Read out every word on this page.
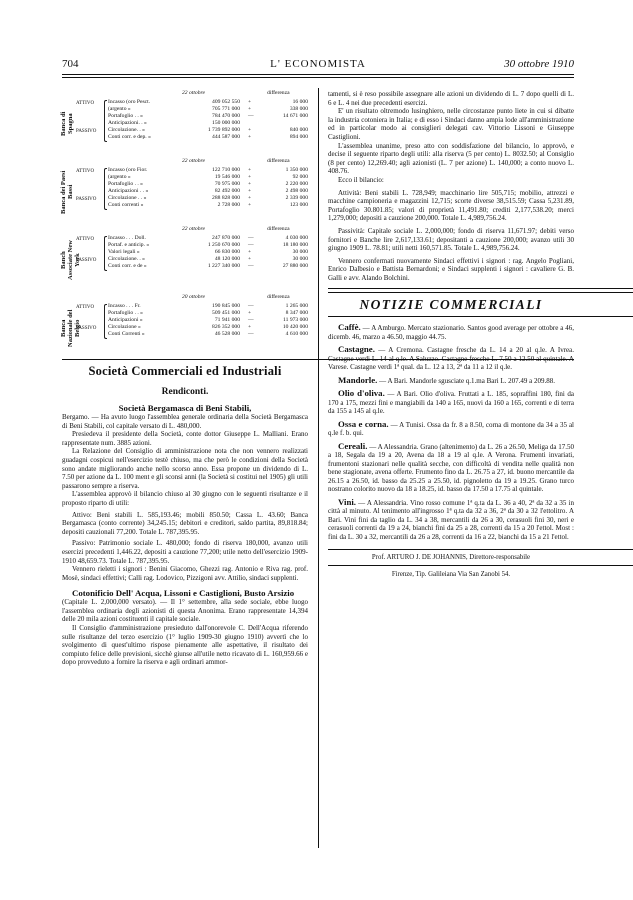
704	L' ECONOMISTA	30 ottobre 1910
22 ottobre	differenza
Banca di Spagna
ATTIVO
PASSIVO
Incasso (oro Pesct.	409 052 550 +	16 000
(argento »	705 771 000 +	338 000
Portafoglio . . »	784 470 000 —	14 671 000
Anticipazioni. . »	150 000 000
Circolazione. . »	1 739 892 000 +	840 000
Conti corr. e dep. »	444 587 000 +	894 000
22 ottobre	differenza
Banca dei Paesi Bassi
ATTIVO
PASSIVO
Incasso (oro Fior.	122 710 000 +	1 350 000
(argento »	19 546 000 +	92 000
Portafoglio . . »	70 975 000 +	2 220 000
Anticipazioni . . »	82 492 000 +	2 498 000
Circolazione . . »	288 828 000 +	2 339 000
Conti correnti »	2 728 000 +	123 000
22 ottobre	differenza
Banch Associate New York
ATTIVO
PASSIVO
Incasso . . . Doll.	247 870 000 —	4 030 000
Portaf. e anticip. »	1 250 670 000 —	18 180 000
Valori legali »	66 830 000 +	30 000
Circolazione. . »	48 120 000 +	30 000
Conti corr. e de »	1 227 340 000 —	27 880 000
20 ottobre	differenza
Banca Nazionale del Belgio
ATTIVO
PASSIVO
Incasso . . . Fr.	190 845 000 —	1 265 000
Portafoglio . . »	509 451 000 +	8 347 000
Anticipazioni »	71 941 000 —	11 973 000
Circolazione »	826 352 000 +	10 420 000
Conti Correnti »	46 528 000 —	4 610 000
Società Commerciali ed Industriali
Rendiconti.

Società Bergamasca di Beni Stabili,

Bergamo. — Ha avuto luogo l'assemblea generale ordinaria della Società Bergamasca di Beni Stabili, col capitale versato di L. 480,000.

Presiedeva il presidente della Società, conte dottor Giuseppe L. Malliani. Erano rappresentate num. 3885 azioni.

La Relazione del Consiglio di amministrazione nota che non vennero realizzati guadagni cospicui nell'esercizio testè chiuso, ma che però le condizioni della Società sono andate migliorando anche nello scorso anno. Essa propone un dividendo di L. 7.50 per azione da L. 100 ment e gli sconsi anni (la Società si costitui nel 1905) gli utili passarono sempre a riserva.

L'assemblea approvò il bilancio chiuso al 30 giugno con le seguenti risultanze e il proposto riparto di utili:

Attivo: Beni stabili L. 585,193.46; mobili 850.50; Cassa L. 43.60; Banca Bergamasca (conto corrente) 34,245.15; debitori e creditori, saldo partita, 89,818.84; depositi cauzionali 77,200. Totale L. 787,395.95.

Passivo: Patrimonio sociale L. 480,000; fondo di riserva 180,000, avanzo utili esercizi precedenti 1,446.22, depositi a cauzione 77,200; utile netto dell'esercizio 1909-1910 48,659.73. Totale L. 787,395.95.

Vennero rieletti i signori : Benini Giacomo, Ghezzi rag. Antonio e Riva rag. prof. Mosè, sindaci effettivi; Calli rag. Lodovico, Pizzigoni avv. Attilio, sindaci supplenti.

Cotonificio Dell' Acqua, Lissoni e Castiglioni, Busto Arsizio

(Capitale L. 2,000,000 versato). — Il 1° settembre, alla sede sociale, ebbe luogo l'assemblea ordinaria degli azionisti di questa Anonima. Erano rappresentate 14,394 delle 20 mila azioni costituenti il capitale sociale.

Il Consiglio d'amministrazione presieduto dall'onorevole C. Dell'Acqua riferendo sulle risultanze del terzo esercizio (1° luglio 1909-30 giugno 1910) avvertì che lo svolgimento di quest'ultimo rispose pienamente alle aspettative, il risultato dei compiuto felice delle previsioni, sicchè giunse all'utile netto ricavato di L. 160,959.66 e dopo provveduto a fornire la riserva e agli ordinari ammor-

tamenti, si è reso possibile assegnare alle azioni un dividendo di L. 7 dopo quelli di L. 6 e L. 4 nei due precedenti esercizi.

E' un risultato oltremodo lusinghiero, nelle circostanze punto liete in cui si dibatte la industria cotoniera in Italia; e di esso i Sindaci danno ampia lode all'amministrazione ed in particolar modo ai consiglieri delegati cav. Vittorio Lissoni e Giuseppe Castiglioni.

L'assemblea unanime, preso atto con soddisfazione del bilancio, lo approvò, e decise il seguente riparto degli utili: alla riserva (5 per cento) L. 8032.50; al Consiglio (8 per cento) 12,269.40; agli azionisti (L. 7 per azione) L. 140,000; a conto nuovo L. 408.76.

Ecco il bilancio:

Attività: Beni stabili L. 728,949; macchinario lire 505,715; mobilio, attrezzi e macchine campioneria e magazzini 12,715; scorte diverse 38,515.59; Cassa 5,231.89, Portafoglio 30.801.85; valori di proprietà 11,491.80; crediti 2,177,538.20; merci 1,279,000; depositi a cauzione 200,000. Totale L. 4,989,756.24.

Passività: Capitale sociale L. 2,000,000; fondo di riserva 11,671.97; debiti verso fornitori e Banche lire 2,617,133.61; depositanti a cauzione 200,000; avanzo utili 30 giugno 1909 L. 78.81; utili netti 160,571.85. Totale L. 4,989,756.24.

Vennero confermati nuovamente Sindaci effettivi i signori : rag. Angelo Pogliani, Enrico Dalbesio e Battista Bernardoni; e Sindaci supplenti i signori : cavaliere G. B. Galli e avv. Alando Bolchini.

NOTIZIE COMMERCIALI

Caffè. — A Amburgo. Mercato stazionario. Santos good average per ottobre a 46, dicemb. 46, marzo a 46.50, maggio 44.75.

Castagne. — A Cremona. Castagne fresche da L. 14 a 20 al q.le. A Ivrea. Castagne verdi L. 14 al q.le. A Saluzzo. Castagne fresche L. 7.50 a 12.50 al quintale. A Varese. Castagne verdi 1ª qual. da L. 12 a 13, 2ª da 11 a 12 il q.le.

Mandorle. — A Bari. Mandorle sgusciate q.1.ma Bari L. 207.49 a 209.88.

Olio d'oliva. — A Bari. Olio d'oliva. Fruttati a L. 185, sopraffini 180, fini da 170 a 175, mezzi fini e mangiabili da 140 a 165, nuovi da 160 a 165, correnti e di terra da 155 a 145 al q.le.

Ossa e corna. — A Tunisi. Ossa da fr. 8 a 8.50, corna di montone da 34 a 35 al q.le f. b. qui.

Cereali. — A Alessandria. Grano (altenimento) da L. 26 a 26.50, Meliga da 17.50 a 18, Segala da 19 a 20, Avena da 18 a 19 al q.le. A Verona. Frumenti invariati, frumentoni stazionari nelle qualità secche, con difficoltà di vendita nelle qualità non bene stagionate, avena offerte. Frumento fino da L. 26.75 a 27, id. buono mercantile da 26.15 a 26.50, id. basso da 25.25 a 25.50, id. pignoletto da 19 a 19.25. Grano turco nostrano colorito nuovo da 18 a 18.25, id. basso da 17.50 a 17.75 al quintale.

Vini. — A Alessandria. Vino rosso comune 1ª q.ta da L. 36 a 40, 2ª da 32 a 35 in città al minuto. Al tenimento all'ingrosso 1ª q.ta da 32 a 36, 2ª da 30 a 32 l'ettolitro. A Bari. Vini fini da taglio da L. 34 a 38, mercantili da 26 a 30, cerasuoli fini 30, neri e cerasuoli correnti da 19 a 24, bianchi fini da 25 a 28, correnti da 15 a 20 l'ettol. Most : fini da L. 30 a 32, mercantili da 26 a 28, correnti da 16 a 22, bianchi da 15 a 21 l'ettol.

Prof. ARTURO J. DE JOHANNIS, Direttore-responsabile
Firenze, Tip. Galileiana Via San Zanobi 54.
